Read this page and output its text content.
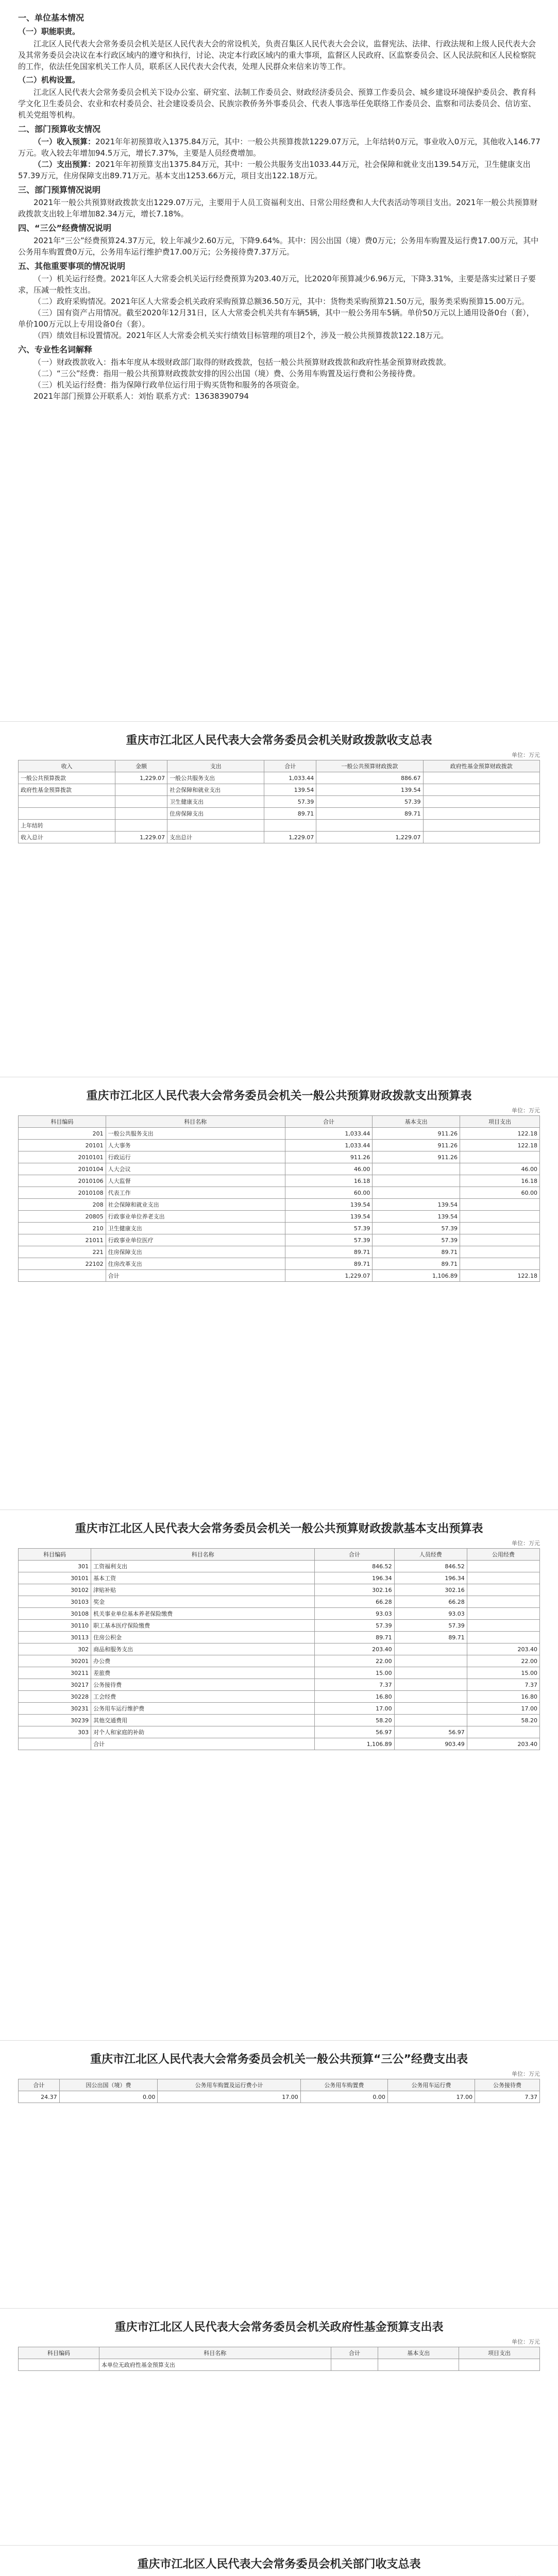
一、单位基本情况
（一）职能职责。

江北区人民代表大会常务委员会机关是区人民代表大会的常设机关，负责召集区人民代表大会会议，监督宪法、法律、行政法规和上级人民代表大会及其常务委员会决议在本行政区域内的遵守和执行，讨论、决定本行政区域内的重大事项，监督区人民政府、区监察委员会、区人民法院和区人民检察院的工作，依法任免国家机关工作人员，联系区人民代表大会代表，处理人民群众来信来访等工作。

（二）机构设置。

江北区人民代表大会常务委员会机关下设办公室、研究室、法制工作委员会、财政经济委员会、预算工作委员会、城乡建设环境保护委员会、教育科学文化卫生委员会、农业和农村委员会、社会建设委员会、民族宗教侨务外事委员会、代表人事选举任免联络工作委员会、监察和司法委员会、信访室、机关党组等机构。

二、部门预算收支情况

（一）收入预算：2021年年初预算收入1375.84万元，其中：一般公共预算拨款1229.07万元，上年结转0万元，事业收入0万元，其他收入146.77万元。收入较去年增加94.5万元，增长7.37%，主要是人员经费增加。

（二）支出预算：2021年年初预算支出1375.84万元，其中：一般公共服务支出1033.44万元，社会保障和就业支出139.54万元，卫生健康支出57.39万元，住房保障支出89.71万元。基本支出1253.66万元，项目支出122.18万元。

三、部门预算情况说明

2021年一般公共预算财政拨款支出1229.07万元，主要用于人员工资福利支出、日常公用经费和人大代表活动等项目支出。2021年一般公共预算财政拨款支出较上年增加82.34万元，增长7.18%。

四、“三公”经费情况说明

2021年“三公”经费预算24.37万元，较上年减少2.60万元，下降9.64%。其中：因公出国（境）费0万元；公务用车购置及运行费17.00万元，其中公务用车购置费0万元，公务用车运行维护费17.00万元；公务接待费7.37万元。

五、其他重要事项的情况说明

（一）机关运行经费。2021年区人大常委会机关运行经费预算为203.40万元，比2020年预算减少6.96万元，下降3.31%，主要是落实过紧日子要求，压减一般性支出。

（二）政府采购情况。2021年区人大常委会机关政府采购预算总额36.50万元，其中：货物类采购预算21.50万元，服务类采购预算15.00万元。

（三）国有资产占用情况。截至2020年12月31日，区人大常委会机关共有车辆5辆，其中一般公务用车5辆。单价50万元以上通用设备0台（套），单价100万元以上专用设备0台（套）。

（四）绩效目标设置情况。2021年区人大常委会机关实行绩效目标管理的项目2个，涉及一般公共预算拨款122.18万元。

六、专业性名词解释

（一）财政拨款收入：指本年度从本级财政部门取得的财政拨款，包括一般公共预算财政拨款和政府性基金预算财政拨款。

（二）“三公”经费：指用一般公共预算财政拨款安排的因公出国（境）费、公务用车购置及运行费和公务接待费。

（三）机关运行经费：指为保障行政单位运行用于购买货物和服务的各项资金。

2021年部门预算公开联系人：刘怡 联系方式：13638390794

重庆市江北区人民代表大会常务委员会机关财政拨款收支总表
单位：万元
收入	金额	支出	合计	一般公共预算财政拨款	政府性基金预算财政拨款
一般公共预算拨款	1,229.07	一般公共服务支出	1,033.44	886.67	
政府性基金预算拨款		社会保障和就业支出	139.54	139.54	
		卫生健康支出	57.39	57.39	
		住房保障支出	89.71	89.71	
上年结转					
收入总计	1,229.07	支出总计	1,229.07	1,229.07	
重庆市江北区人民代表大会常务委员会机关一般公共预算财政拨款支出预算表
单位：万元
科目编码	科目名称	合计	基本支出	项目支出
201	一般公共服务支出	1,033.44	911.26	122.18
20101	人大事务	1,033.44	911.26	122.18
2010101	行政运行	911.26	911.26	
2010104	人大会议	46.00		46.00
2010106	人大监督	16.18		16.18
2010108	代表工作	60.00		60.00
208	社会保障和就业支出	139.54	139.54	
20805	行政事业单位养老支出	139.54	139.54	
210	卫生健康支出	57.39	57.39	
21011	行政事业单位医疗	57.39	57.39	
221	住房保障支出	89.71	89.71	
22102	住房改革支出	89.71	89.71	
	合计	1,229.07	1,106.89	122.18
重庆市江北区人民代表大会常务委员会机关一般公共预算财政拨款基本支出预算表
单位：万元
科目编码	科目名称	合计	人员经费	公用经费
301	工资福利支出	846.52	846.52	
30101	基本工资	196.34	196.34	
30102	津贴补贴	302.16	302.16	
30103	奖金	66.28	66.28	
30108	机关事业单位基本养老保险缴费	93.03	93.03	
30110	职工基本医疗保险缴费	57.39	57.39	
30113	住房公积金	89.71	89.71	
302	商品和服务支出	203.40		203.40
30201	办公费	22.00		22.00
30211	差旅费	15.00		15.00
30217	公务接待费	7.37		7.37
30228	工会经费	16.80		16.80
30231	公务用车运行维护费	17.00		17.00
30239	其他交通费用	58.20		58.20
303	对个人和家庭的补助	56.97	56.97	
	合计	1,106.89	903.49	203.40
重庆市江北区人民代表大会常务委员会机关一般公共预算“三公”经费支出表
单位：万元
合计	因公出国（境）费	公务用车购置及运行费小计	公务用车购置费	公务用车运行费	公务接待费
24.37	0.00	17.00	0.00	17.00	7.37
重庆市江北区人民代表大会常务委员会机关政府性基金预算支出表
单位：万元
科目编码	科目名称	合计	基本支出	项目支出
	本单位无政府性基金预算支出			
重庆市江北区人民代表大会常务委员会机关部门收支总表
